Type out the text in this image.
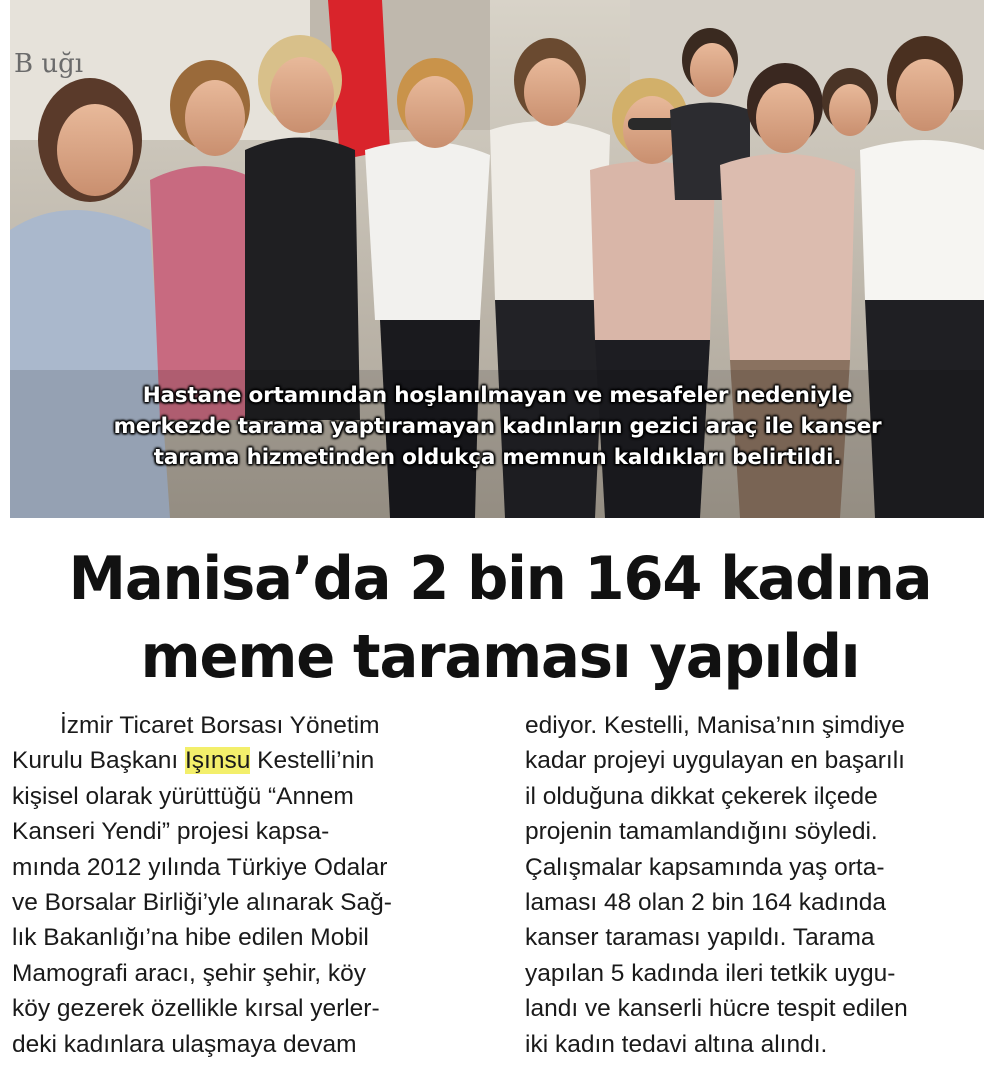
B uğı
Hastane ortamından hoşlanılmayan ve mesafeler nedeniyle
merkezde tarama yaptıramayan kadınların gezici araç ile kanser
tarama hizmetinden oldukça memnun kaldıkları belirtildi.
Manisa’da 2 bin 164 kadına
meme taraması yapıldı
İzmir Ticaret Borsası Yönetim
Kurulu Başkanı Işınsu Kestelli’nin
kişisel olarak yürüttüğü “Annem
Kanseri Yendi” projesi kapsa-
mında 2012 yılında Türkiye Odalar
ve Borsalar Birliği’yle alınarak Sağ-
lık Bakanlığı’na hibe edilen Mobil
Mamografi aracı, şehir şehir, köy
köy gezerek özellikle kırsal yerler-
deki kadınlara ulaşmaya devam
ediyor. Kestelli, Manisa’nın şimdiye
kadar projeyi uygulayan en başarılı
il olduğuna dikkat çekerek ilçede
projenin tamamlandığını söyledi.
Çalışmalar kapsamında yaş orta-
laması 48 olan 2 bin 164 kadında
kanser taraması yapıldı. Tarama
yapılan 5 kadında ileri tetkik uygu-
landı ve kanserli hücre tespit edilen
iki kadın tedavi altına alındı.
